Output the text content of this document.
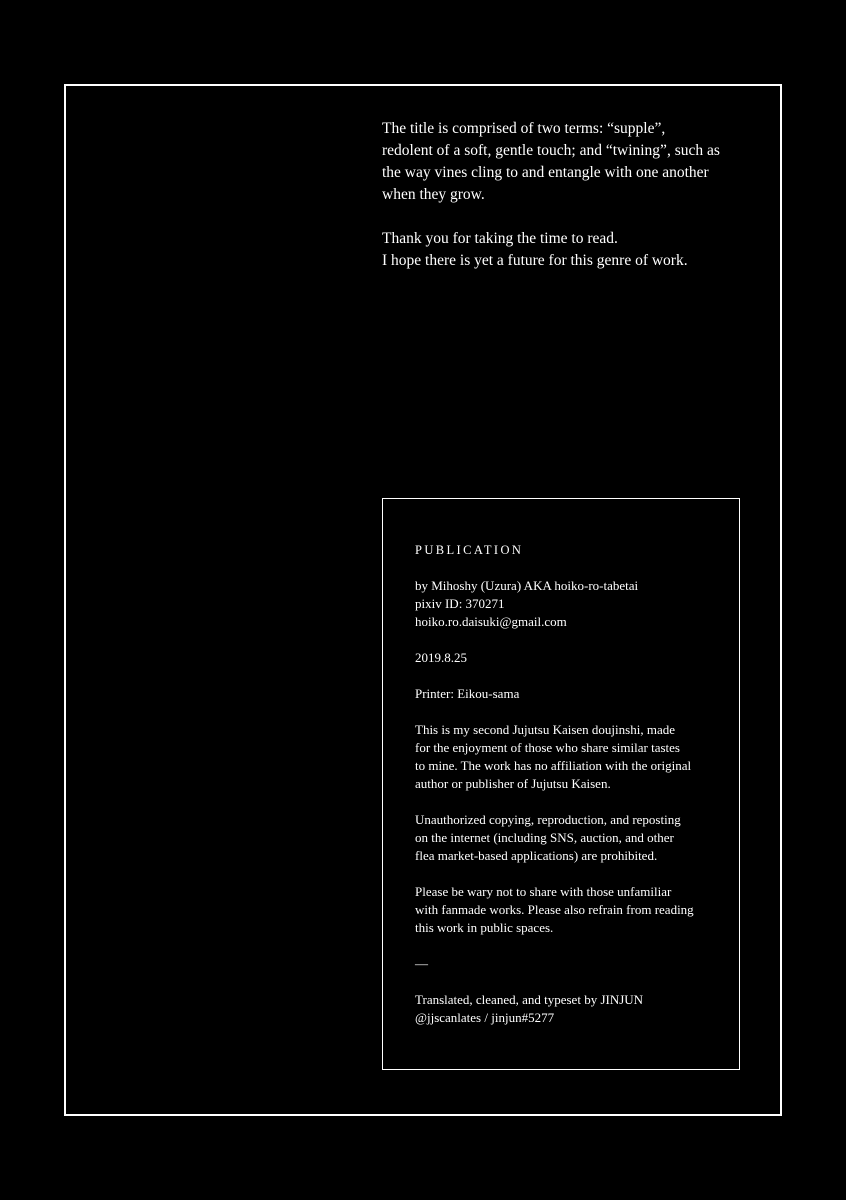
The title is comprised of two terms: “supple”,
redolent of a soft, gentle touch; and “twining”, such as
the way vines cling to and entangle with one another
when they grow.

Thank you for taking the time to read.
I hope there is yet a future for this genre of work.

PUBLICATION

by Mihoshy (Uzura) AKA hoiko-ro-tabetai
pixiv ID: 370271
hoiko.ro.daisuki@gmail.com

2019.8.25

Printer: Eikou-sama

This is my second Jujutsu Kaisen doujinshi, made
for the enjoyment of those who share similar tastes
to mine. The work has no affiliation with the original
author or publisher of Jujutsu Kaisen.

Unauthorized copying, reproduction, and reposting
on the internet (including SNS, auction, and other
flea market-based applications) are prohibited.

Please be wary not to share with those unfamiliar
with fanmade works. Please also refrain from reading
this work in public spaces.

—

Translated, cleaned, and typeset by JINJUN
@jjscanlates / jinjun#5277
